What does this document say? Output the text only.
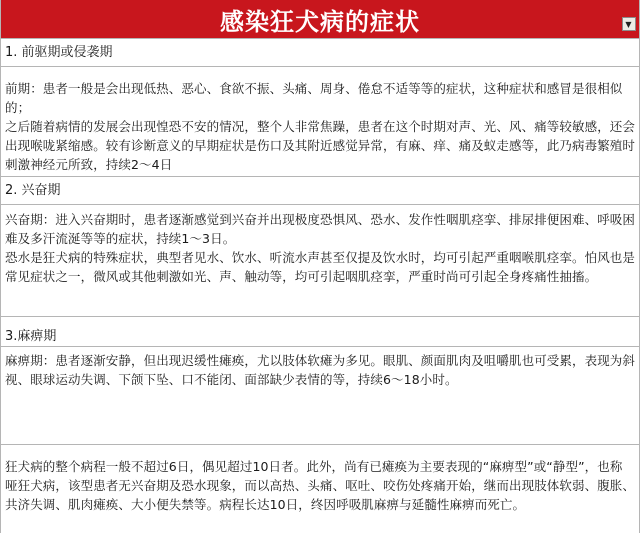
感染狂犬病的症状	▼
1. 前驱期或侵袭期

前期：患者一般是会出现低热、恶心、食欲不振、头痛、周身、倦怠不适等等的症状，这种症状和感冒是很相似的；

之后随着病情的发展会出现惶恐不安的情况，整个人非常焦躁，患者在这个时期对声、光、风、痛等较敏感，还会出现喉咙紧缩感。较有诊断意义的早期症状是伤口及其附近感觉异常，有麻、痒、痛及蚁走感等，此乃病毒繁殖时刺激神经元所致，持续2～4日

2. 兴奋期

兴奋期：进入兴奋期时，患者逐渐感觉到兴奋并出现极度恐惧风、恐水、发作性咽肌痉挛、排尿排便困难、呼吸困难及多汗流涎等等的症状，持续1～3日。

恐水是狂犬病的特殊症状，典型者见水、饮水、听流水声甚至仅提及饮水时，均可引起严重咽喉肌痉挛。怕风也是常见症状之一，微风或其他刺激如光、声、触动等，均可引起咽肌痉挛，严重时尚可引起全身疼痛性抽搐。

3.麻痹期

麻痹期：患者逐渐安静，但出现迟缓性瘫痪，尤以肢体软瘫为多见。眼肌、颜面肌肉及咀嚼肌也可受累，表现为斜视、眼球运动失调、下颌下坠、口不能闭、面部缺少表情的等，持续6～18小时。

狂犬病的整个病程一般不超过6日，偶见超过10日者。此外，尚有已瘫痪为主要表现的“麻痹型”或“静型”，也称哑狂犬病，该型患者无兴奋期及恐水现象，而以高热、头痛、呕吐、咬伤处疼痛开始，继而出现肢体软弱、腹胀、共济失调、肌肉瘫痪、大小便失禁等。病程长达10日，终因呼吸肌麻痹与延髓性麻痹而死亡。
